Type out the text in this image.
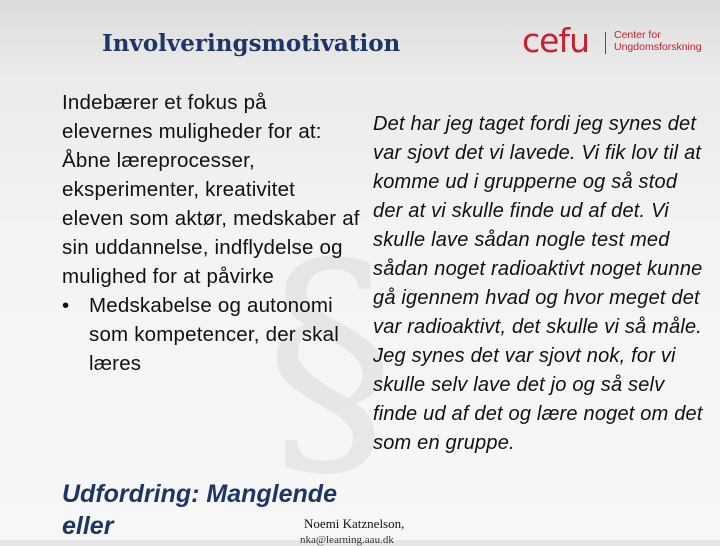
Involveringsmotivation	cefu Center for
Ungdomsforskning
§

Indebærer et fokus på elevernes muligheder for at:

Åbne læreprocesser, eksperimenter, kreativitet

eleven som aktør, medskaber af sin uddannelse, indflydelse og mulighed for at påvirke

• Medskabelse og autonomi som kompetencer, der skal læres
Udfordring: Manglende eller
Det har jeg taget fordi jeg synes det var sjovt det vi lavede. Vi fik lov til at komme ud i grupperne og så stod der at vi skulle finde ud af det. Vi skulle lave sådan nogle test med sådan noget radioaktivt noget kunne gå igennem hvad og hvor meget det var radioaktivt, det skulle vi så måle. Jeg synes det var sjovt nok, for vi skulle selv lave det jo og så selv finde ud af det og lære noget om det som en gruppe.
Noemi Katznelson,
nka@learning.aau.dk
